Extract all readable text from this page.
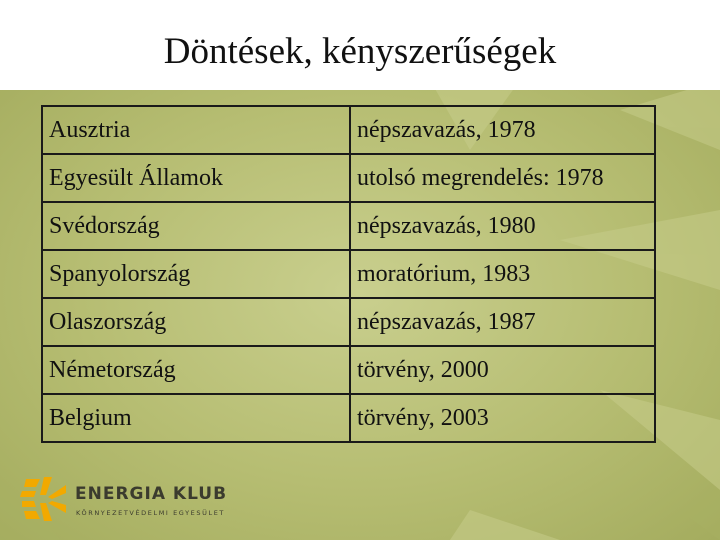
Döntések, kényszerűségek
Ausztria	népszavazás, 1978
Egyesült Államok	utolsó megrendelés: 1978
Svédország	népszavazás, 1980
Spanyolország	moratórium, 1983
Olaszország	népszavazás, 1987
Németország	törvény, 2000
Belgium	törvény, 2003
ENERGIA KLUB
KÖRNYEZETVÉDELMI EGYESÜLET
